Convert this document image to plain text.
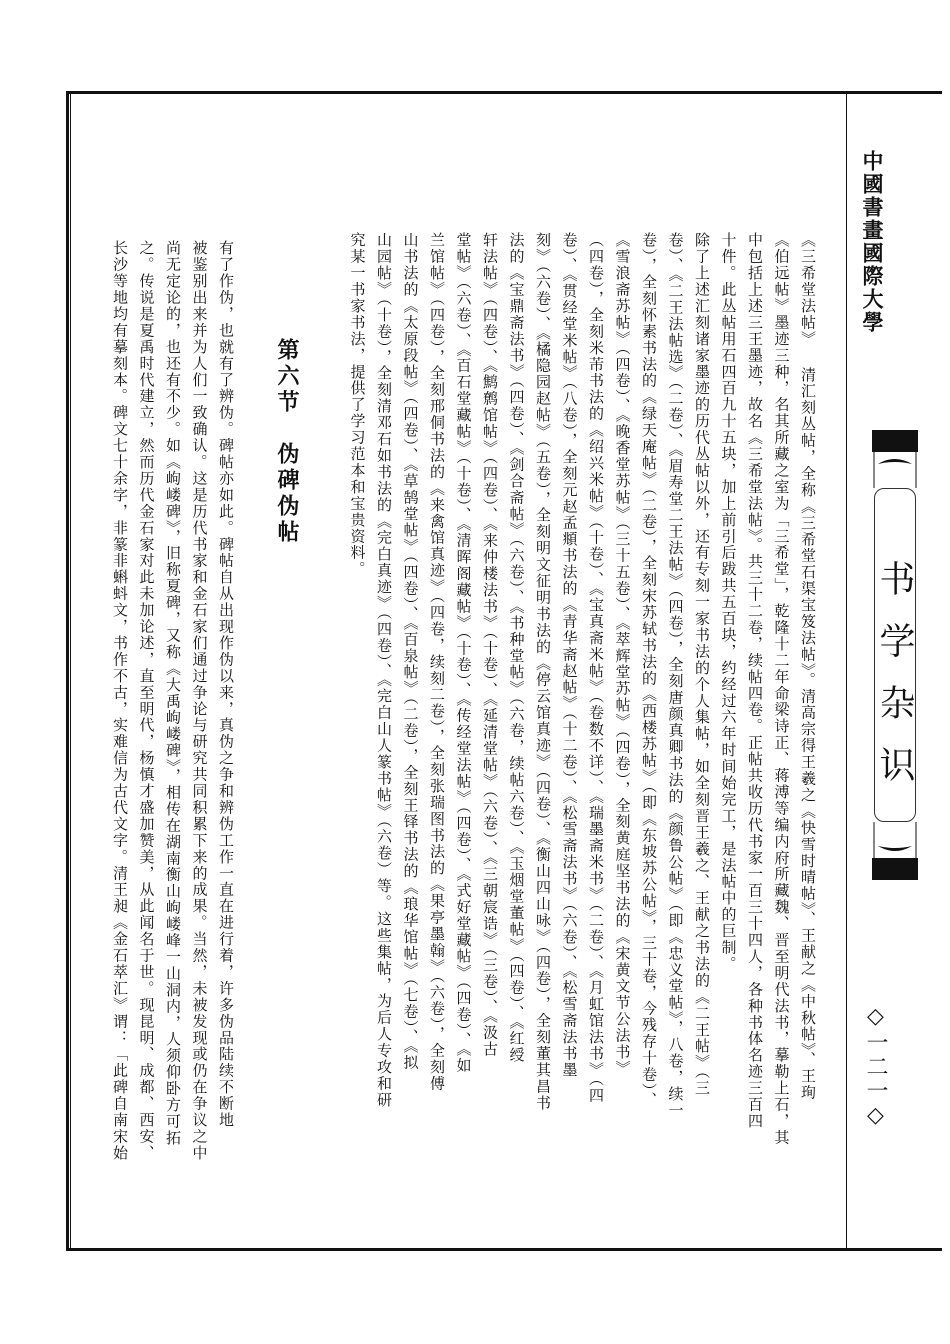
中國書畫國際大學
书学杂识
◇一二一◇
《三希堂法帖》 清汇刻丛帖，全称《三希堂石渠宝笈法帖》。清高宗得王羲之《快雪时晴帖》、王献之《中秋帖》、王珣
《伯远帖》墨迹三种，名其所藏之室为「三希堂」，乾隆十二年命梁诗正、蒋溥等编内府所藏魏、晋至明代法书，摹勒上石，其
中包括上述三王墨迹，故名《三希堂法帖》。共三十二卷，续帖四卷。正帖共收历代书家一百三十四人，各种书体名迹三百四
十件。此丛帖用石四百九十五块，加上前引后跋共五百块，约经过六年时间始完工，是法帖中的巨制。
除了上述汇刻诸家墨迹的历代丛帖以外，还有专刻一家书法的个人集帖，如全刻晋王羲之、王献之书法的《二王帖》（三
卷）、《二王法帖选》（二卷）、《眉寿堂二王法帖》（四卷），全刻唐颜真卿书法的《颜鲁公帖》（即《忠义堂帖》，八卷，续一
卷），全刻怀素书法的《绿天庵帖》（二卷），全刻宋苏轼书法的《西楼苏帖》（即《东坡苏公帖》，三十卷，今残存十卷）、
《雪浪斋苏帖》（四卷）、《晚香堂苏帖》（三十五卷）、《萃辉堂苏帖》（四卷），全刻黄庭坚书法的《宋黄文节公法书》
（四卷），全刻米芾书法的《绍兴米帖》（十卷）、《宝真斋米帖》（卷数不详）、《瑞墨斋米书》（二卷）、《月虹馆法书》（四
卷）、《贯经堂米帖》（八卷），全刻元赵孟頫书法的《青华斋赵帖》（十二卷）、《松雪斋法书》（六卷）、《松雪斋法书墨
刻》（六卷）、《橘隐园赵帖》（五卷），全刻明文征明书法的《停云馆真迹》（四卷）、《衡山四山咏》（四卷），全刻董其昌书
法的《宝鼎斋法书》（四卷）、《剑合斋帖》（六卷）、《书种堂帖》（六卷，续帖六卷）、《玉烟堂董帖》（四卷）、《红绶
轩法帖》（四卷）、《鹪鹩馆帖》（四卷）、《来仲楼法书》（十卷）、《延清堂帖》（六卷）、《三朝宸诰》（三卷）、《汲古
堂帖》（六卷）、《百石堂藏帖》（十卷）、《清晖阁藏帖》（十卷）、《传经堂法帖》（四卷）、《式好堂藏帖》（四卷）、《如
兰馆帖》（四卷），全刻邢侗书法的《来禽馆真迹》（四卷，续刻二卷），全刻张瑞图书法的《果亭墨翰》（六卷），全刻傅
山书法的《太原段帖》（四卷）、《草鹄堂帖》（四卷）、《百泉帖》（二卷），全刻王铎书法的《琅华馆帖》（七卷）、《拟
山园帖》（十卷），全刻清邓石如书法的《完白真迹》（四卷）、《完白山人篆书帖》（六卷）等。这些集帖，为后人专攻和研
究某一书家书法，提供了学习范本和宝贵资料。
第六节　伪碑伪帖
有了作伪，也就有了辨伪。碑帖亦如此。碑帖自从出现作伪以来，真伪之争和辨伪工作一直在进行着，许多伪品陆续不断地
被鉴别出来并为人们一致确认。这是历代书家和金石家们通过争论与研究共同积累下来的成果。当然，未被发现或仍在争议之中
尚无定论的，也还有不少。如《岣嵝碑》，旧称夏碑，又称《大禹岣嵝碑》，相传在湖南衡山岣嵝峰一山洞内，人须仰卧方可拓
之。传说是夏禹时代建立，然而历代金石家对此未加论述，直至明代，杨慎才盛加赞美，从此闻名于世。现昆明、成都、西安、
长沙等地均有摹刻本。碑文七十余字，非篆非蝌蚪文，书作不古，实难信为古代文字。清王昶《金石萃汇》谓：「此碑自南宋始
